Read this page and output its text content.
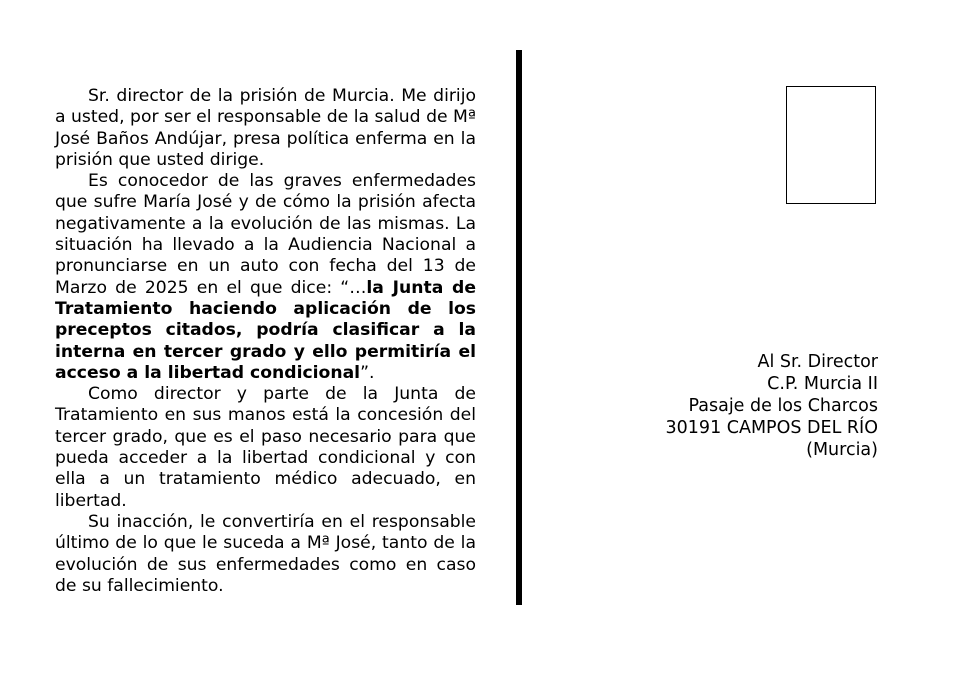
Sr. director de la prisión de Murcia. Me dirijo a usted, por ser el responsable de la salud de Mª José Baños Andújar, presa política enferma en la prisión que usted dirige.

Es conocedor de las graves enfermedades que sufre María José y de cómo la prisión afecta negativamente a la evolución de las mismas. La situación ha llevado a la Audiencia Nacional a pronunciarse en un auto con fecha del 13 de Marzo de 2025 en el que dice: “…la Junta de Tratamiento haciendo aplicación de los preceptos citados, podría clasificar a la interna en tercer grado y ello permitiría el acceso a la libertad condicional”.

Como director y parte de la Junta de Tratamiento en sus manos está la concesión del tercer grado, que es el paso necesario para que pueda acceder a la libertad condicional y con ella a un tratamiento médico adecuado, en libertad.

Su inacción, le convertiría en el responsable último de lo que le suceda a Mª José, tanto de la evolución de sus enfermedades como en caso de su fallecimiento.

Al Sr. Director
C.P. Murcia II
Pasaje de los Charcos
30191 CAMPOS DEL RÍO
(Murcia)
